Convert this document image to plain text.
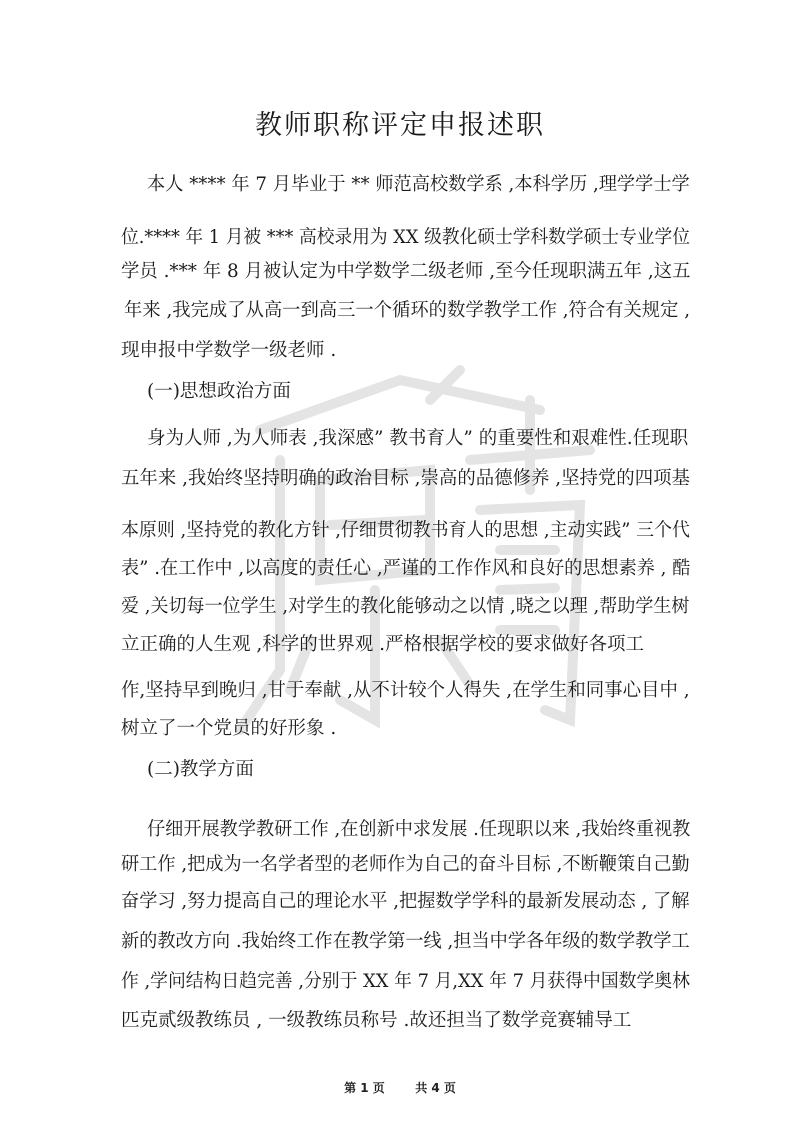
教师职称评定申报述职
本人 **** 年 7 月毕业于 ** 师范高校数学系 ,本科学历 ,理学学士学
位.**** 年 1 月被 *** 高校录用为 XX 级教化硕士学科数学硕士专业学位
学员 .*** 年 8 月被认定为中学数学二级老师 ,至今任现职满五年 ,这五
年来 ,我完成了从高一到高三一个循环的数学教学工作 ,符合有关规定 ,
现申报中学数学一级老师 .
(一)思想政治方面
身为人师 ,为人师表 ,我深感” 教书育人” 的重要性和艰难性.任现职
五年来 ,我始终坚持明确的政治目标 ,崇高的品德修养 ,坚持党的四项基
本原则 ,坚持党的教化方针 ,仔细贯彻教书育人的思想 ,主动实践” 三个代
表” .在工作中 ,以高度的责任心 ,严谨的工作作风和良好的思想素养 , 酷
爱 ,关切每一位学生 ,对学生的教化能够动之以情 ,晓之以理 ,帮助学生树
立正确的人生观 ,科学的世界观 .严格根据学校的要求做好各项工
作,坚持早到晚归 ,甘于奉献 ,从不计较个人得失 ,在学生和同事心目中 ,
树立了一个党员的好形象 .
(二)教学方面
仔细开展教学教研工作 ,在创新中求发展 .任现职以来 ,我始终重视教
研工作 ,把成为一名学者型的老师作为自己的奋斗目标 ,不断鞭策自己勤
奋学习 ,努力提高自己的理论水平 ,把握数学学科的最新发展动态 , 了解
新的教改方向 .我始终工作在教学第一线 ,担当中学各年级的数学教学工
作 ,学问结构日趋完善 ,分别于 XX 年 7 月,XX 年 7 月获得中国数学奥林
匹克贰级教练员 , 一级教练员称号 .故还担当了数学竞赛辅导工
第 1 页	共 4 页
